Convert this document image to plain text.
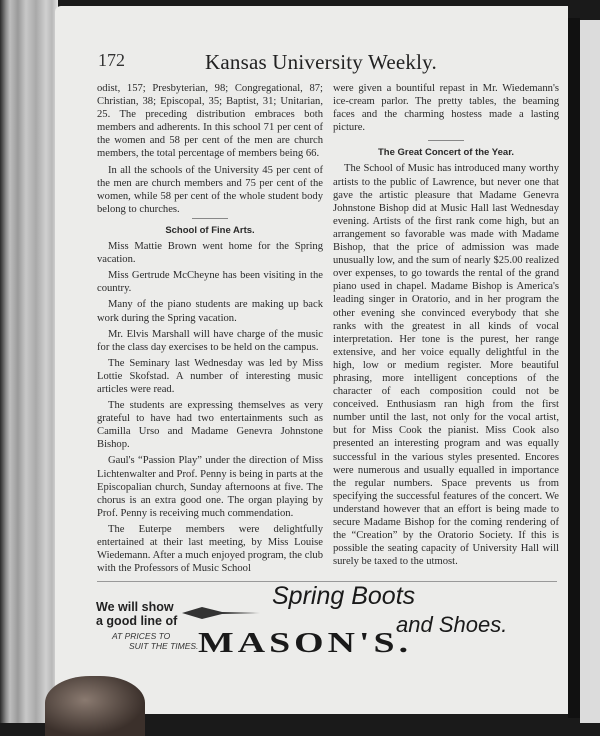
172	Kansas University Weekly.

odist, 157; Presbyterian, 98; Congregational, 87; Christian, 38; Episcopal, 35; Baptist, 31; Unitarian, 25. The preceding distribution embraces both members and adherents. In this school 71 per cent of the women and 58 per cent of the men are church members, the total percentage of members being 66.

In all the schools of the University 45 per cent of the men are church members and 75 per cent of the women, while 58 per cent of the whole student body belong to churches.

School of Fine Arts.

Miss Mattie Brown went home for the Spring vacation.

Miss Gertrude McCheyne has been visiting in the country.

Many of the piano students are making up back work during the Spring vacation.

Mr. Elvis Marshall will have charge of the music for the class day exercises to be held on the campus.

The Seminary last Wednesday was led by Miss Lottie Skofstad. A number of interesting music articles were read.

The students are expressing themselves as very grateful to have had two entertainments such as Camilla Urso and Madame Genevra Johnstone Bishop.

Gaul's “Passion Play” under the direction of Miss Lichtenwalter and Prof. Penny is being in parts at the Episcopalian church, Sunday afternoons at five. The chorus is an extra good one. The organ playing by Prof. Penny is receiving much commendation.

The Euterpe members were delightfully entertained at their last meeting, by Miss Louise Wiedemann. After a much enjoyed program, the club with the Professors of Music School

were given a bountiful repast in Mr. Wiedemann's ice-cream parlor. The pretty tables, the beaming faces and the charming hostess made a lasting picture.

The Great Concert of the Year.

The School of Music has introduced many worthy artists to the public of Lawrence, but never one that gave the artistic pleasure that Madame Genevra Johnstone Bishop did at Music Hall last Wednesday evening. Artists of the first rank come high, but an arrangement so favorable was made with Madame Bishop, that the price of admission was made unusually low, and the sum of nearly $25.00 realized over expenses, to go towards the rental of the grand piano used in chapel. Madame Bishop is America's leading singer in Oratorio, and in her program the other evening she convinced everybody that she ranks with the greatest in all kinds of vocal interpretation. Her tone is the purest, her range extensive, and her voice equally delightful in the high, low or medium register. More beautiful phrasing, more intelligent conceptions of the character of each composition could not be conceived. Enthusiasm ran high from the first number until the last, not only for the vocal artist, but for Miss Cook the pianist. Miss Cook also presented an interesting program and was equally successful in the various styles presented. Encores were numerous and usually equalled in importance the regular numbers. Space prevents us from specifying the successful features of the concert. We understand however that an effort is being made to secure Madame Bishop for the coming rendering of the “Creation” by the Oratorio Society. If this is possible the seating capacity of University Hall will surely be taxed to the utmost.

We will show
a good line of
AT PRICES TO
SUIT THE TIMES.
Spring Boots
and Shoes.
MASON'S.
